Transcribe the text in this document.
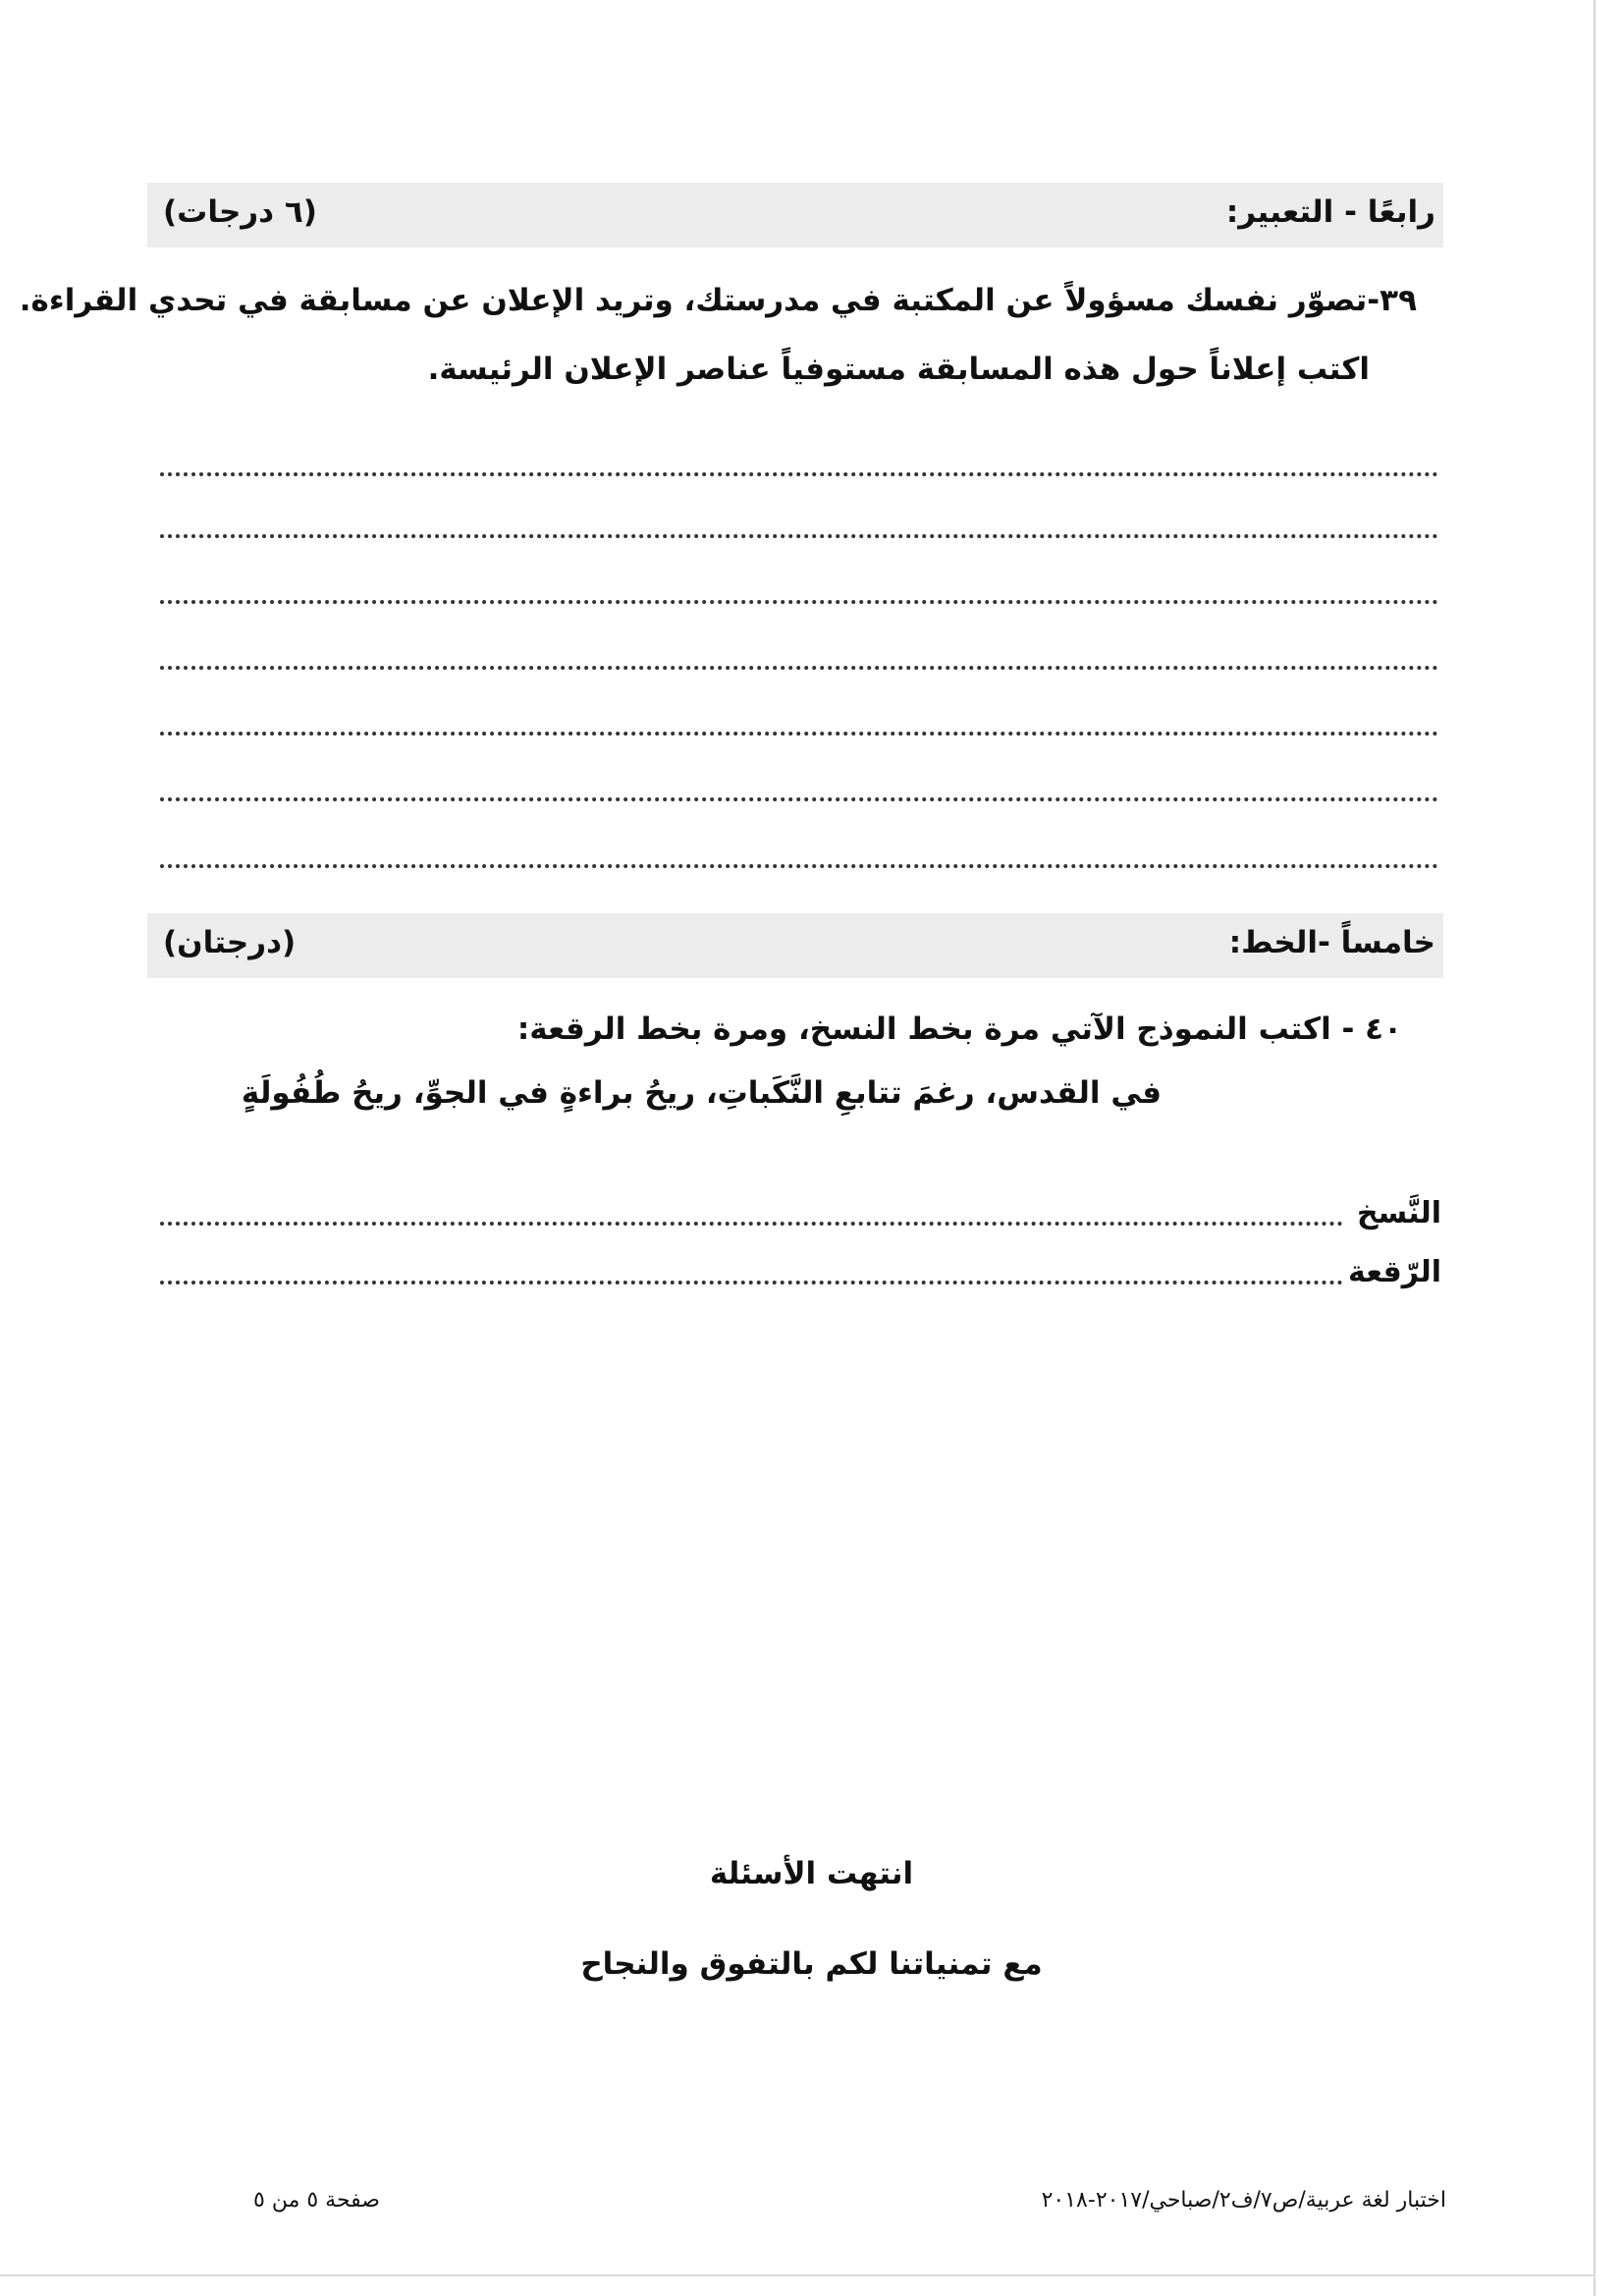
رابعًا - التعبير:
(٦ درجات)
٣٩-تصوّر نفسك مسؤولاً عن المكتبة في مدرستك، وتريد الإعلان عن مسابقة في تحدي القراءة.
اكتب إعلاناً حول هذه المسابقة مستوفياً عناصر الإعلان الرئيسة.
خامساً -الخط:
(درجتان)
٤٠ - اكتب النموذج الآتي مرة بخط النسخ، ومرة بخط الرقعة:
في القدس، رغمَ تتابعِ النَّكَباتِ، ريحُ براءةٍ في الجوِّ، ريحُ طُفُولَةٍ
النَّسخ
الرّقعة
انتهت الأسئلة
مع تمنياتنا لكم بالتفوق والنجاح
اختبار لغة عربية/ص٧/ف٢/صباحي/٢٠١٧-٢٠١٨
صفحة ٥ من ٥
